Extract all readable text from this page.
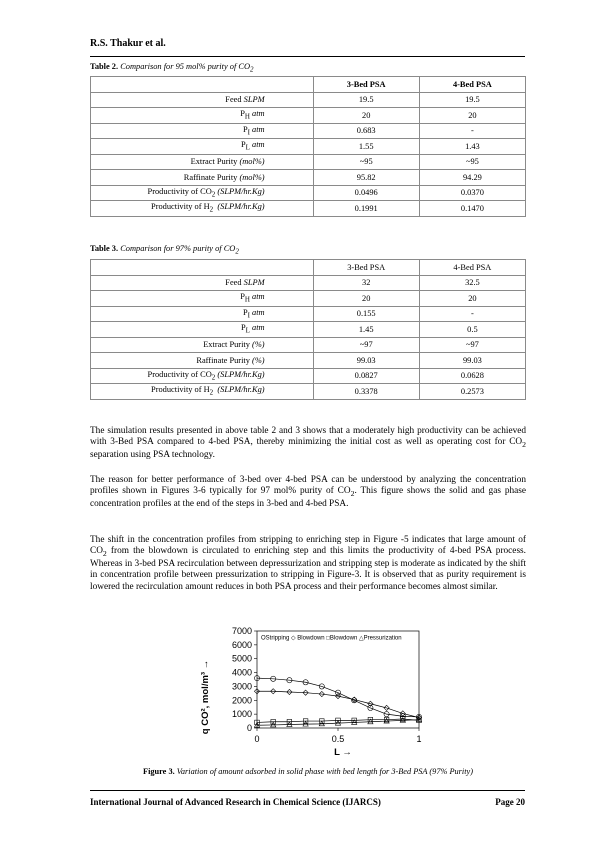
R.S. Thakur et al.
Table 2. Comparison for 95 mol% purity of $CO_2$
	3-Bed PSA	4-Bed PSA
Feed SLPM	19.5	19.5
$P_H$ atm	20	20
$P_I$ atm	0.683	-
$P_L$ atm	1.55	1.43
Extract Purity (mol%)	~95	~95
Raffinate Purity (mol%)	95.82	94.29
Productivity of $CO_2$ (SLPM/hr.Kg)	0.0496	0.0370
Productivity of $H_2$ (SLPM/hr.Kg)	0.1991	0.1470
Table 3. Comparison for 97% purity of $CO_2$
	3-Bed PSA	4-Bed PSA
Feed SLPM	32	32.5
$P_H$ atm	20	20
$P_I$ atm	0.155	-
$P_L$ atm	1.45	0.5
Extract Purity (%)	~97	~97
Raffinate Purity (%)	99.03	99.03
Productivity of $CO_2$ (SLPM/hr.Kg)	0.0827	0.0628
Productivity of $H_2$ (SLPM/hr.Kg)	0.3378	0.2573
The simulation results presented in above table 2 and 3 shows that a moderately high productivity can be achieved with 3-Bed PSA compared to 4-bed PSA, thereby minimizing the initial cost as well as operating cost for $CO_2$ separation using PSA technology.
The reason for better performance of 3-bed over 4-bed PSA can be understood by analyzing the concentration profiles shown in Figures 3-6 typically for 97 mol% purity of $CO_2$. This figure shows the solid and gas phase concentration profiles at the end of the steps in 3-bed and 4-bed PSA.
The shift in the concentration profiles from stripping to enriching step in Figure -5 indicates that large amount of $CO_2$ from the blowdown is circulated to enriching step and this limits the productivity of 4-bed PSA process. Whereas in 3-bed PSA recirculation between depressurization and stripping step is moderate as indicated by the shift in concentration profile between pressurization to stripping in Figure-3. It is observed that as purity requirement is lowered the recirculation amount reduces in both PSA process and their performance becomes almost similar.
q CO², mol/m³ →	0
1000
2000
3000
4000
5000
6000
7000
0	0.5	1
OStripping ◇ Blowdown □Blowdown △Pressurization
L →
Figure 3. Variation of amount adsorbed in solid phase with bed length for 3-Bed PSA (97% Purity)
International Journal of Advanced Research in Chemical Science (IJARCS)	Page 20
